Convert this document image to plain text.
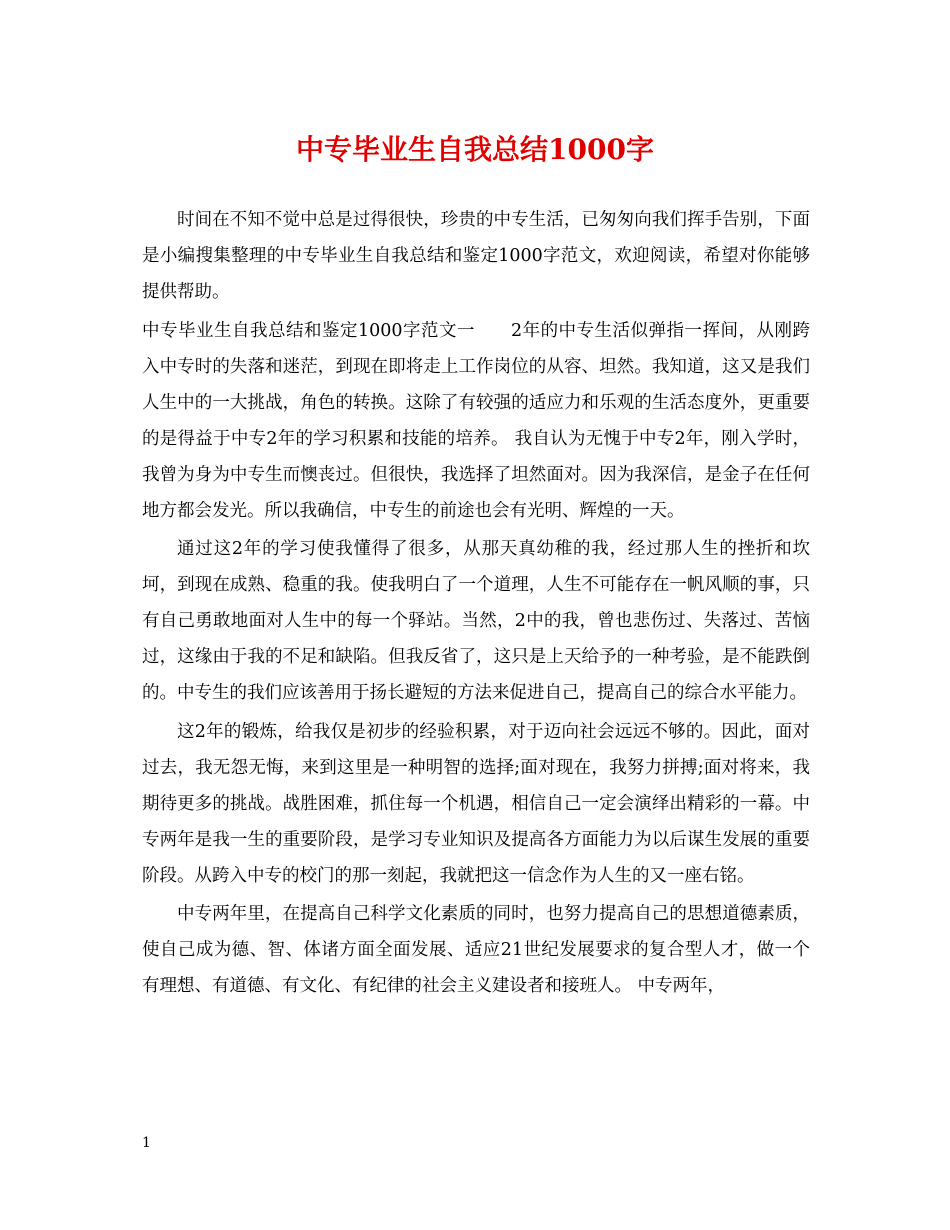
中专毕业生自我总结1000字

时间在不知不觉中总是过得很快，珍贵的中专生活，已匆匆向我们挥手告别，下面是小编搜集整理的中专毕业生自我总结和鉴定1000字范文，欢迎阅读，希望对你能够提供帮助。

中专毕业生自我总结和鉴定1000字范文一　　2年的中专生活似弹指一挥间，从刚跨入中专时的失落和迷茫，到现在即将走上工作岗位的从容、坦然。我知道，这又是我们人生中的一大挑战，角色的转换。这除了有较强的适应力和乐观的生活态度外，更重要的是得益于中专2年的学习积累和技能的培养。 我自认为无愧于中专2年，刚入学时，我曾为身为中专生而懊丧过。但很快，我选择了坦然面对。因为我深信，是金子在任何地方都会发光。所以我确信，中专生的前途也会有光明、辉煌的一天。

通过这2年的学习使我懂得了很多，从那天真幼稚的我，经过那人生的挫折和坎坷，到现在成熟、稳重的我。使我明白了一个道理，人生不可能存在一帆风顺的事，只有自己勇敢地面对人生中的每一个驿站。当然，2中的我，曾也悲伤过、失落过、苦恼过，这缘由于我的不足和缺陷。但我反省了，这只是上天给予的一种考验，是不能跌倒的。中专生的我们应该善用于扬长避短的方法来促进自己，提高自己的综合水平能力。

这2年的锻炼，给我仅是初步的经验积累，对于迈向社会远远不够的。因此，面对过去，我无怨无悔，来到这里是一种明智的选择;面对现在，我努力拼搏;面对将来，我期待更多的挑战。战胜困难，抓住每一个机遇，相信自己一定会演绎出精彩的一幕。中专两年是我一生的重要阶段，是学习专业知识及提高各方面能力为以后谋生发展的重要阶段。从跨入中专的校门的那一刻起，我就把这一信念作为人生的又一座右铭。

中专两年里，在提高自己科学文化素质的同时，也努力提高自己的思想道德素质，使自己成为德、智、体诸方面全面发展、适应21世纪发展要求的复合型人才，做一个有理想、有道德、有文化、有纪律的社会主义建设者和接班人。 中专两年，

1
